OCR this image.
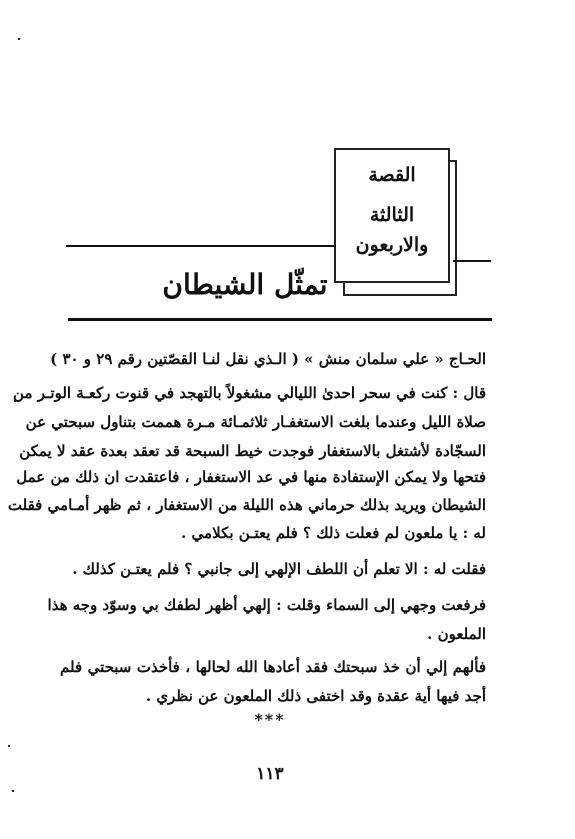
القصة
الثالثة
والاربعون
تمثّل الشيطان
الحـاج « علي سلمان منش » ( الـذي نقل لنـا القصّتين رقم ٢٩ و ٣٠ )
قال : كنت في سحر احدىٰ الليالي مشغولاً بالتهجد في قنوت ركعـة الوتـر من
صلاة الليل وعندما بلغت الاستغفـار ثلاثمـائة مـرة هممت بتناول سبحتي عن
السجّادة لأشتغل بالاستغفار فوجدت خيط السبحة قد تعقد بعدة عقد لا يمكن
فتحها ولا يمكن الإستفادة منها في عد الاستغفار ، فاعتقدت ان ذلك من عمل
الشيطان ويريد بذلك حرماني هذه الليلة من الاستغفار ، ثم ظهر أمـامي فقلت
له : يا ملعون لم فعلت ذلك ؟ فلم يعتـن بكلامي .
فقلت له : الا تعلم أن اللطف الإلهي إلى جانبي ؟ فلم يعتـن كذلك .
فرفعت وجهي إلى السماء وقلت : إلهي أظهر لطفك بي وسوّد وجه هذا
الملعون .
فألهم إلي أن خذ سبحتك فقد أعادها الله لحالها ، فأخذت سبحتي فلم
أجد فيها أية عقدة وقد اختفى ذلك الملعون عن نظري .
***
١١٣
